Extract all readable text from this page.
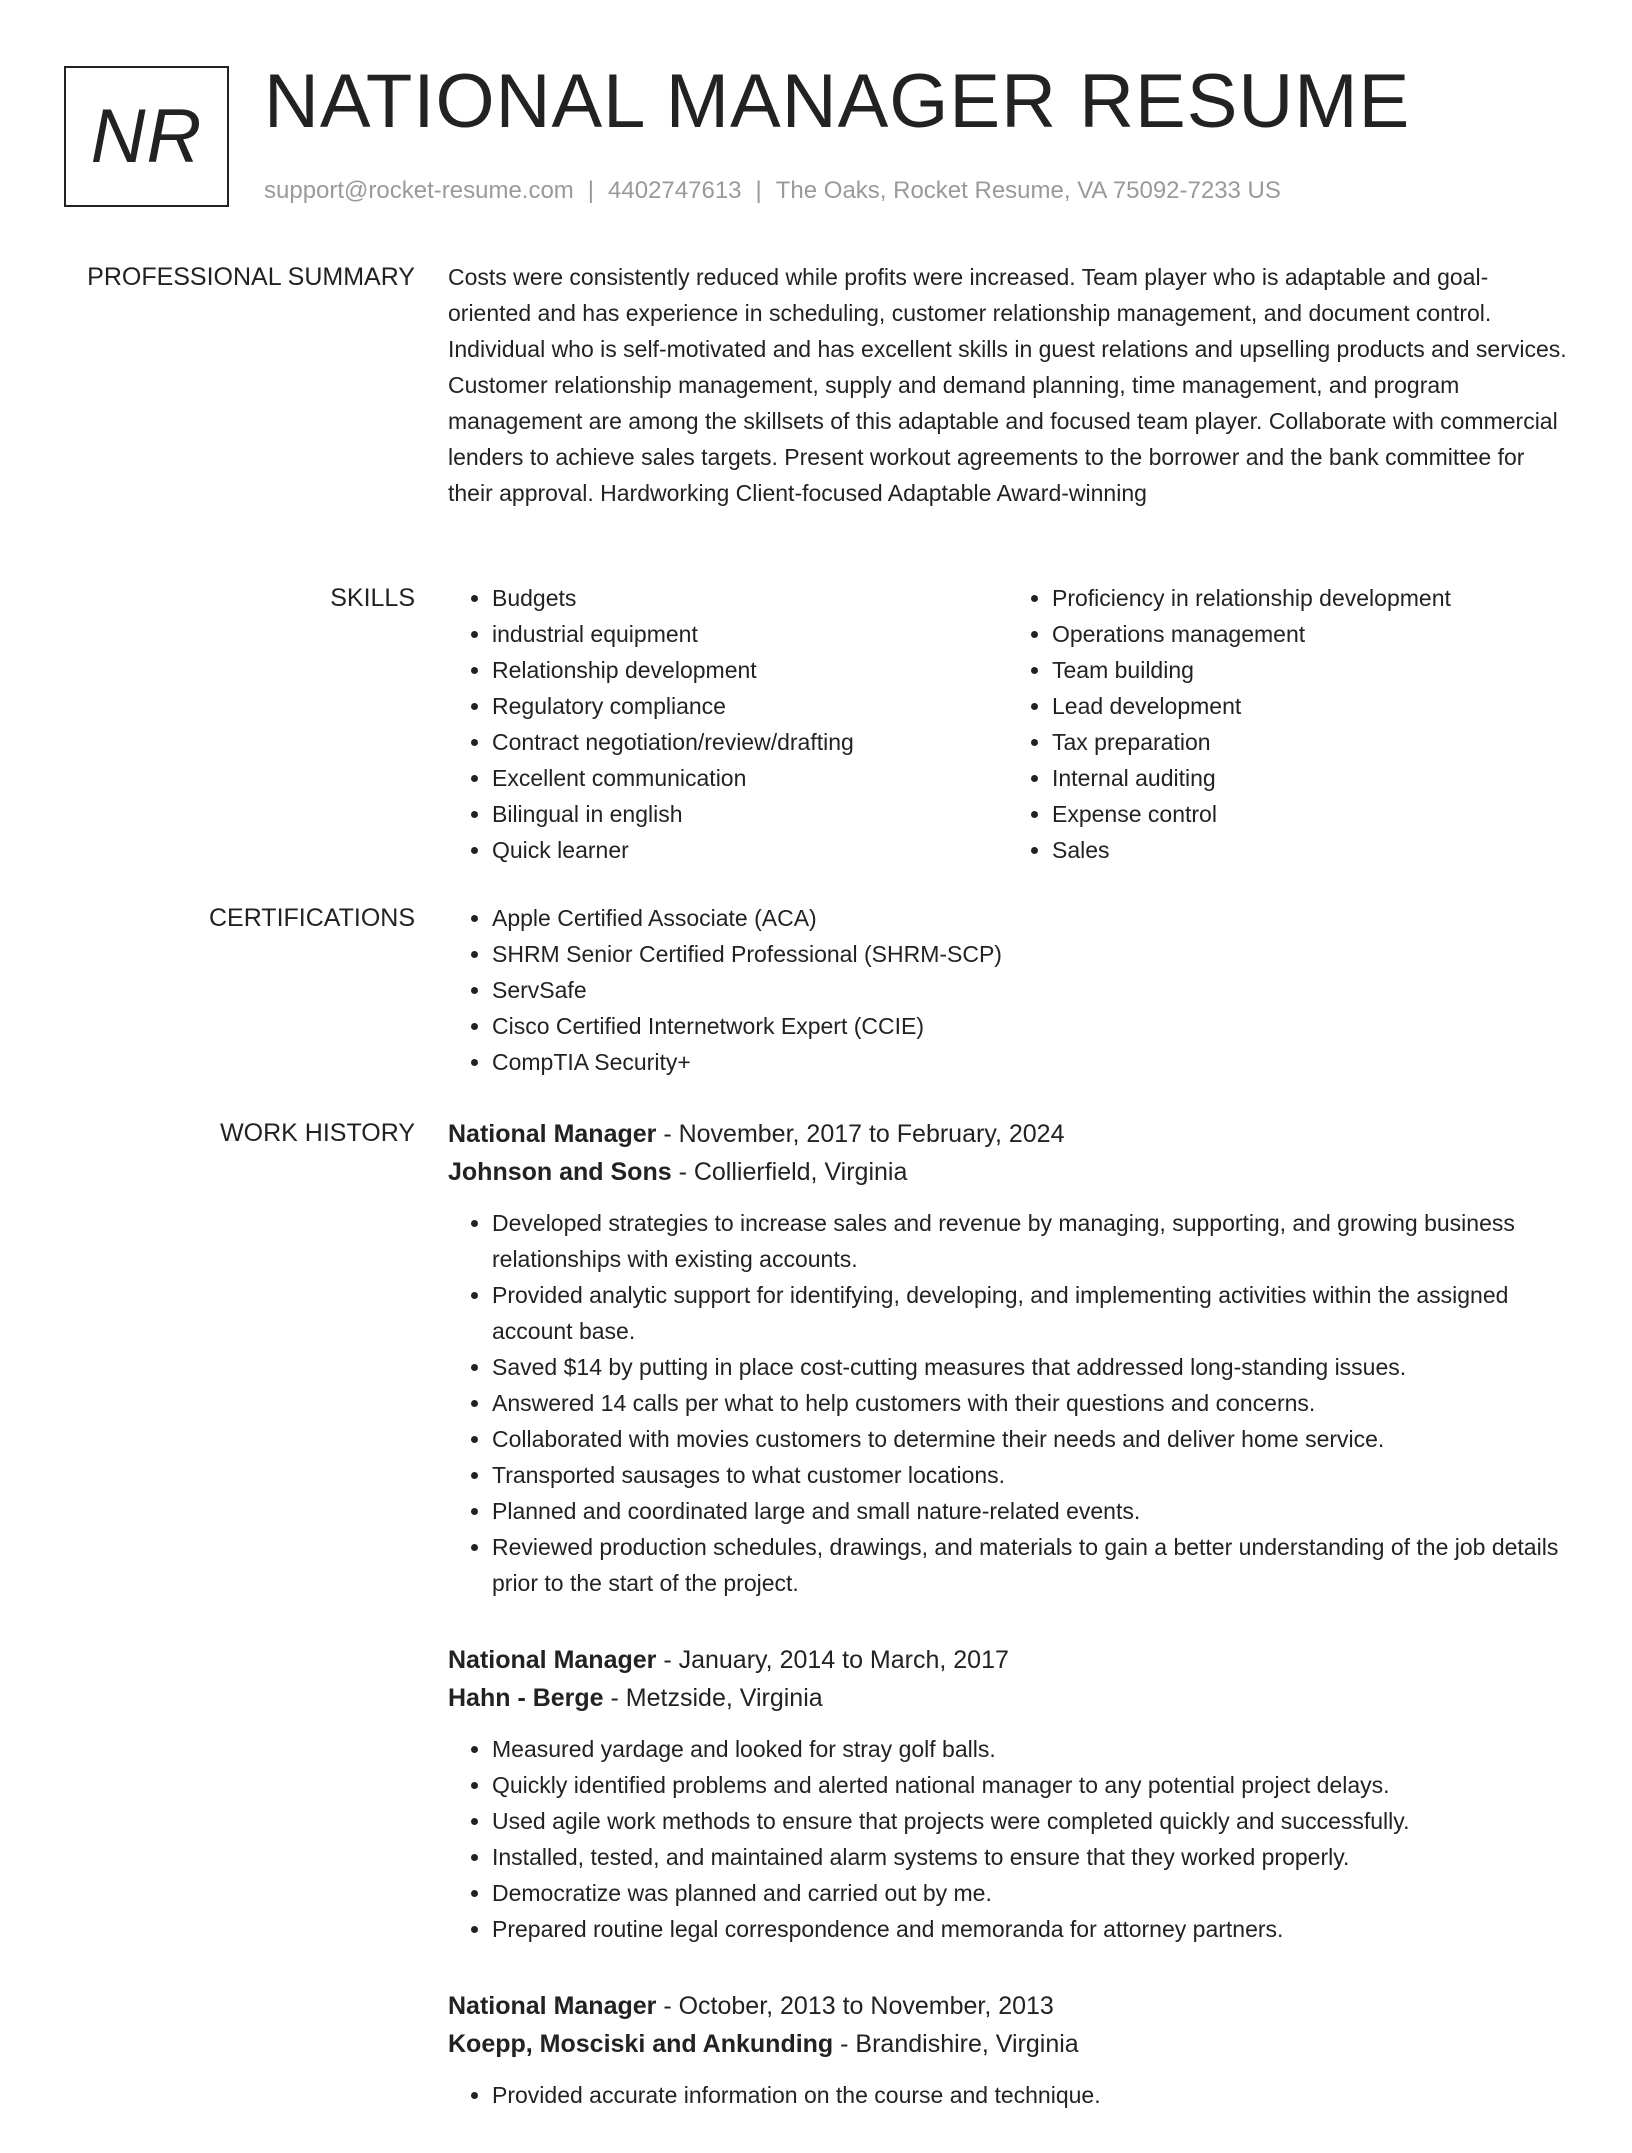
NR NATIONAL MANAGER RESUME
support@rocket-resume.com | 4402747613 | The Oaks, Rocket Resume, VA 75092-7233 US
PROFESSIONAL SUMMARY Costs were consistently reduced while profits were increased. Team player who is adaptable and goal-oriented and has experience in scheduling, customer relationship management, and document control. Individual who is self-motivated and has excellent skills in guest relations and upselling products and services. Customer relationship management, supply and demand planning, time management, and program management are among the skillsets of this adaptable and focused team player. Collaborate with commercial lenders to achieve sales targets. Present workout agreements to the borrower and the bank committee for their approval. Hardworking Client-focused Adaptable Award-winning

SKILLS	• Budgets
• industrial equipment
• Relationship development
• Regulatory compliance
• Contract negotiation/review/drafting
• Excellent communication
• Bilingual in english
• Quick learner
• Proficiency in relationship development
• Operations management
• Team building
• Lead development
• Tax preparation
• Internal auditing
• Expense control
• Sales
CERTIFICATIONS	• Apple Certified Associate (ACA)
• SHRM Senior Certified Professional (SHRM-SCP)
• ServSafe
• Cisco Certified Internetwork Expert (CCIE)
• CompTIA Security+
WORK HISTORY National Manager - November, 2017 to February, 2024
Johnson and Sons - Collierfield, Virginia
• Developed strategies to increase sales and revenue by managing, supporting, and growing business relationships with existing accounts.
• Provided analytic support for identifying, developing, and implementing activities within the assigned account base.
• Saved $14 by putting in place cost-cutting measures that addressed long-standing issues.
• Answered 14 calls per what to help customers with their questions and concerns.
• Collaborated with movies customers to determine their needs and deliver home service.
• Transported sausages to what customer locations.
• Planned and coordinated large and small nature-related events.
• Reviewed production schedules, drawings, and materials to gain a better understanding of the job details prior to the start of the project.
National Manager - January, 2014 to March, 2017
Hahn - Berge - Metzside, Virginia
• Measured yardage and looked for stray golf balls.
• Quickly identified problems and alerted national manager to any potential project delays.
• Used agile work methods to ensure that projects were completed quickly and successfully.
• Installed, tested, and maintained alarm systems to ensure that they worked properly.
• Democratize was planned and carried out by me.
• Prepared routine legal correspondence and memoranda for attorney partners.
National Manager - October, 2013 to November, 2013
Koepp, Mosciski and Ankunding - Brandishire, Virginia
• Provided accurate information on the course and technique.
